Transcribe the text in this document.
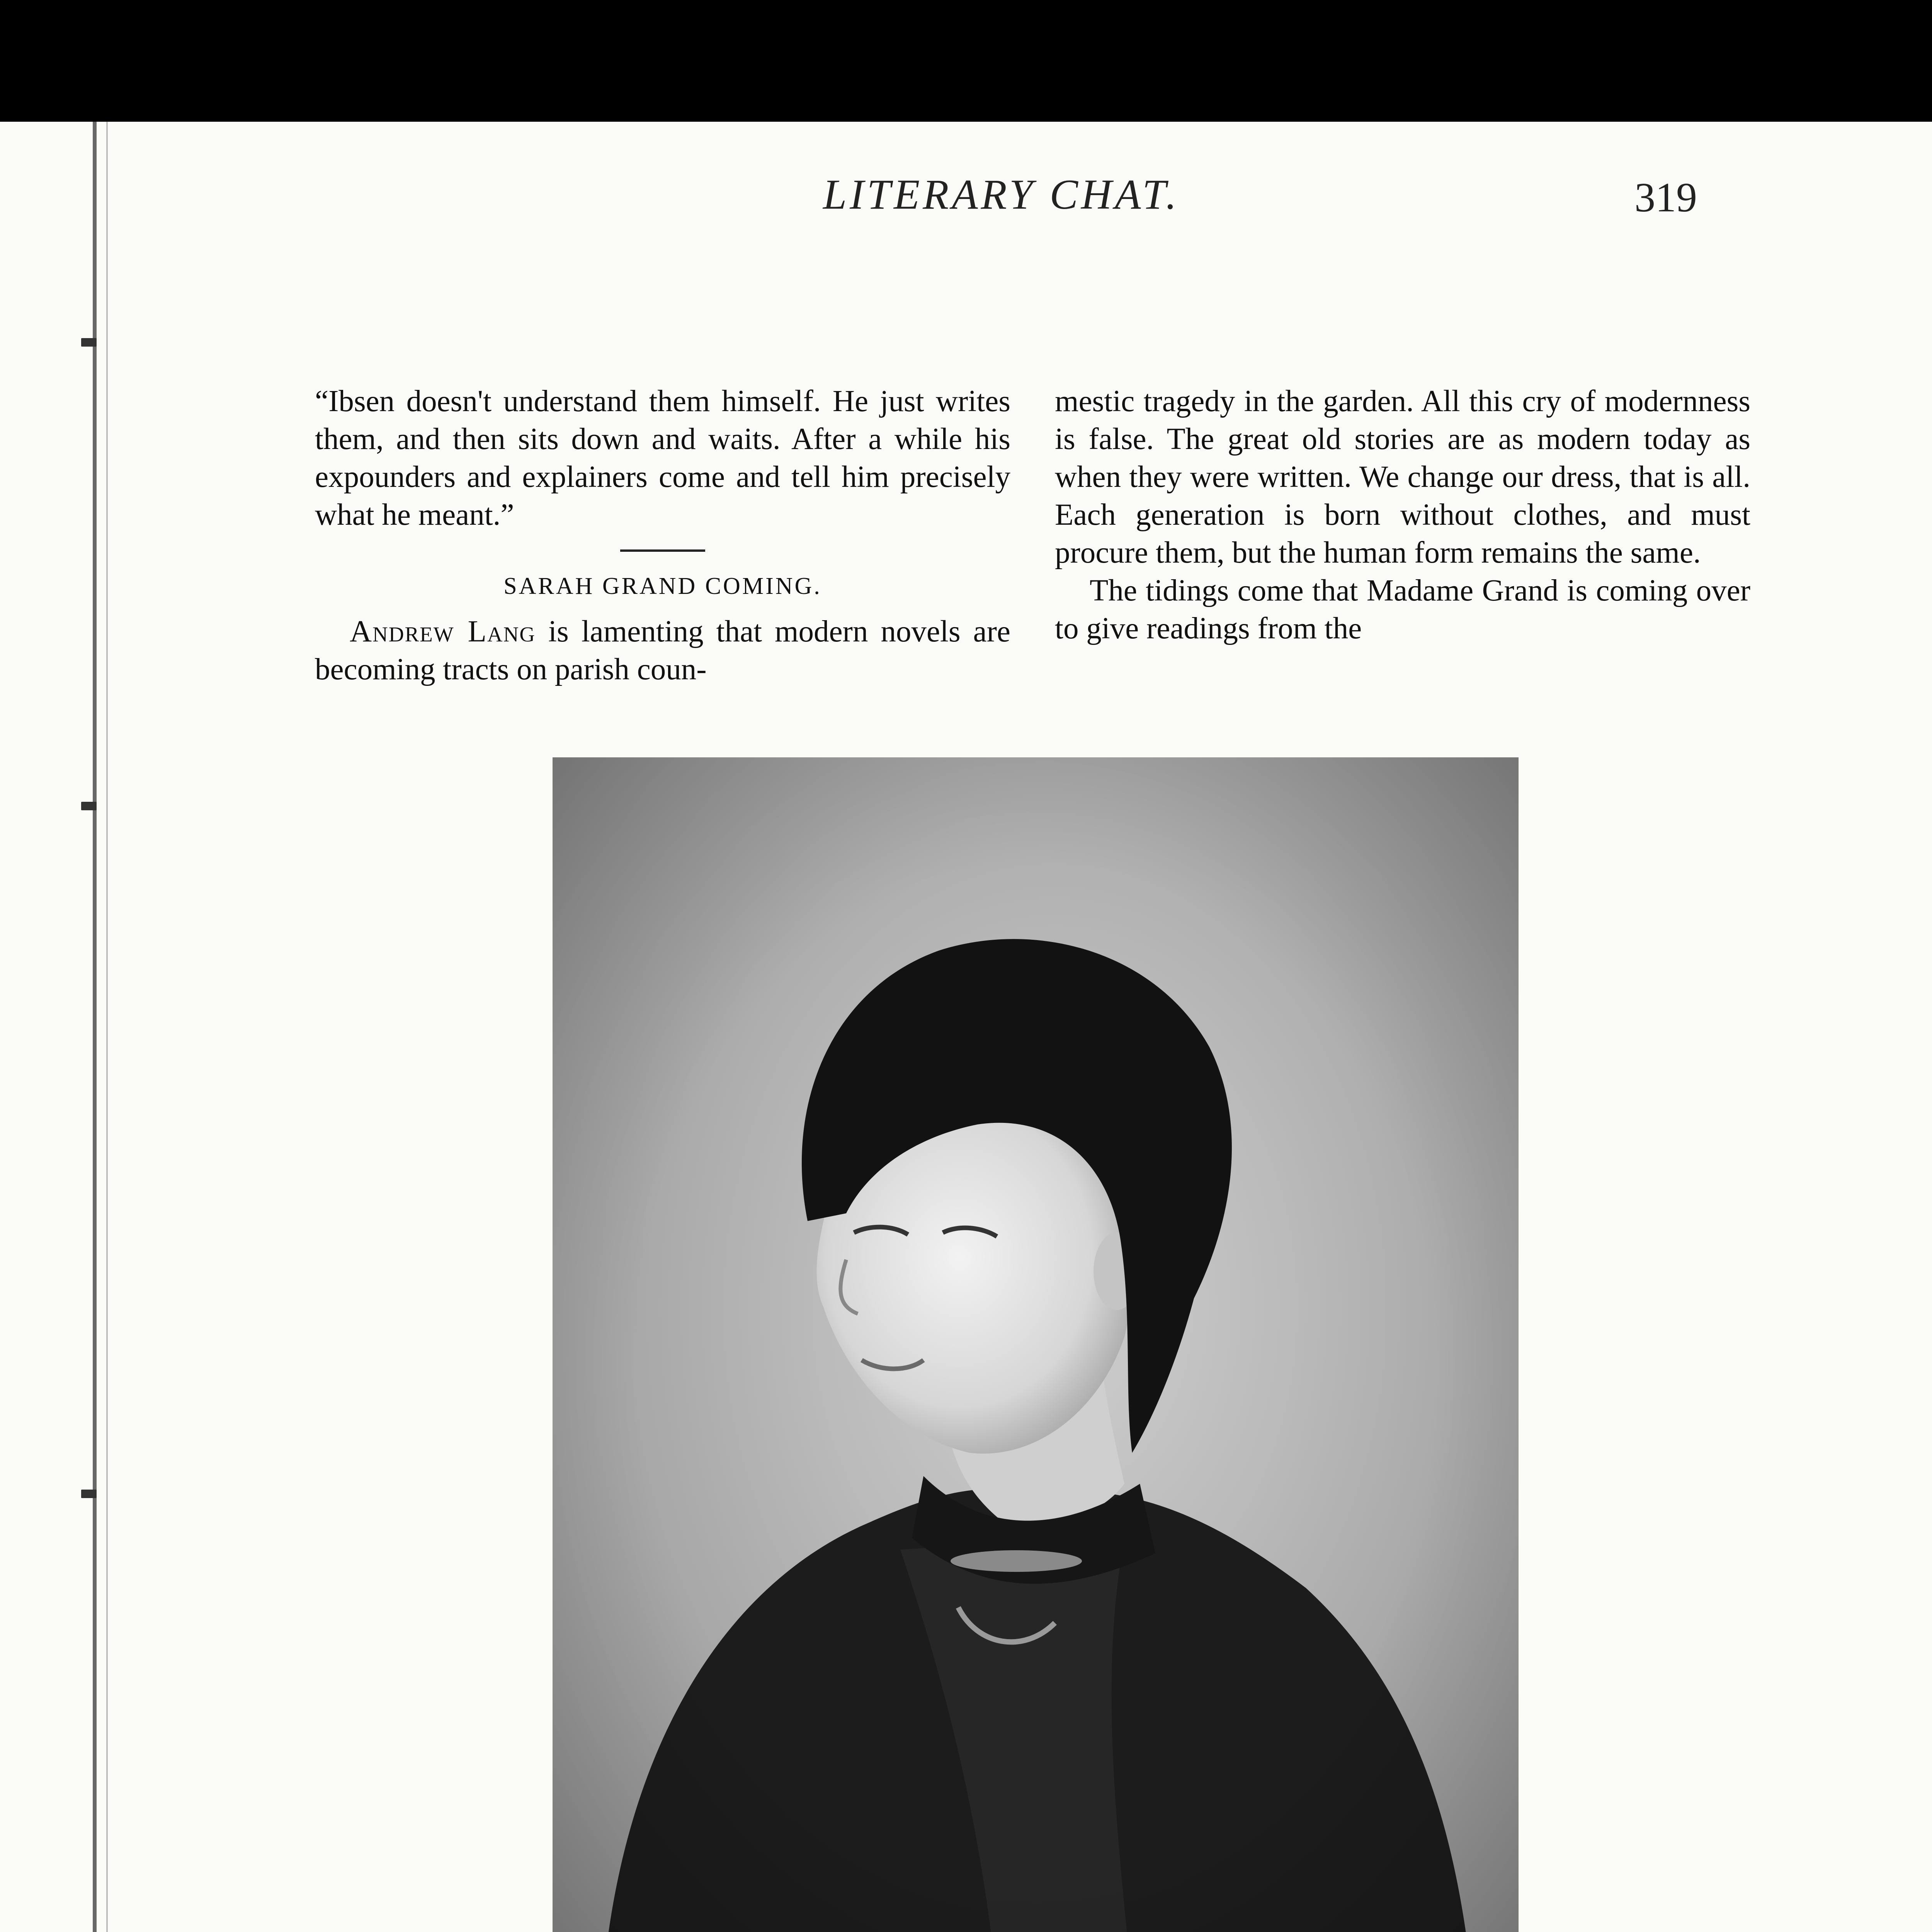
LITERARY CHAT.	319

“Ibsen doesn't understand them himself. He just writes them, and then sits down and waits. After a while his expounders and explainers come and tell him precisely what he meant.”

SARAH GRAND COMING.

Andrew Lang is lamenting that modern novels are becoming tracts on parish coun-

mestic tragedy in the garden. All this cry of modernness is false. The great old stories are as modern today as when they were written. We change our dress, that is all. Each generation is born without clothes, and must procure them, but the human form remains the same.

The tidings come that Madame Grand is coming over to give readings from the
